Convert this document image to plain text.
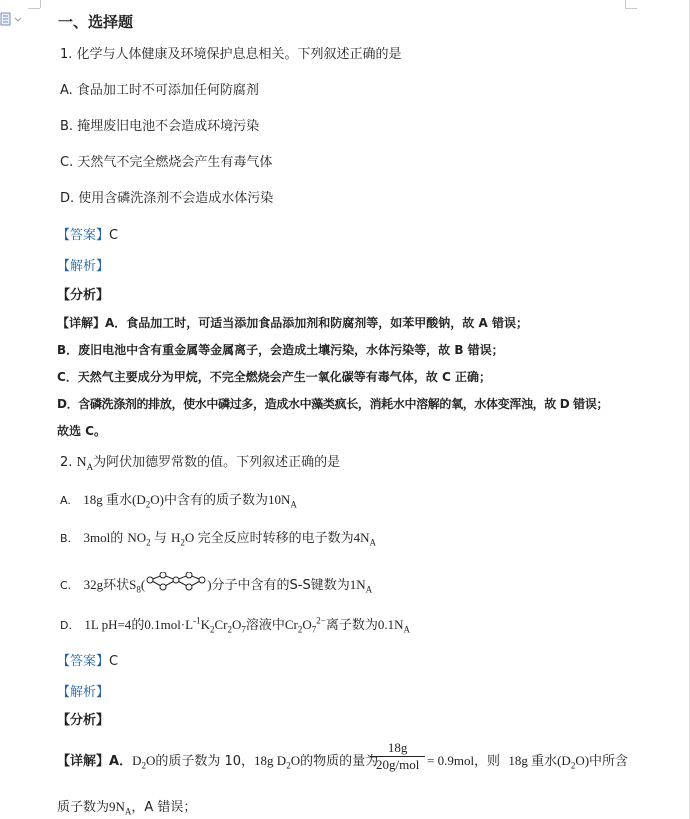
一、选择题
1. 化学与人体健康及环境保护息息相关。下列叙述正确的是
A. 食品加工时不可添加任何防腐剂
B. 掩埋废旧电池不会造成环境污染
C. 天然气不完全燃烧会产生有毒气体
D. 使用含磷洗涤剂不会造成水体污染
【答案】C
【解析】
【分析】
【详解】A．食品加工时，可适当添加食品添加剂和防腐剂等，如苯甲酸钠，故 A 错误；
B．废旧电池中含有重金属等金属离子，会造成土壤污染，水体污染等，故 B 错误；
C．天然气主要成分为甲烷，不完全燃烧会产生一氧化碳等有毒气体，故 C 正确；
D．含磷洗涤剂的排放，使水中磷过多，造成水中藻类疯长，消耗水中溶解的氧，水体变浑浊，故 D 错误；
故选 C。
2. $N_A$为阿伏加德罗常数的值。下列叙述正确的是
A. 18g 重水$(D_2O)$中含有的质子数为$10N_A$
B. 3mol的 $NO_2$ 与 $H_2O$ 完全反应时转移的电子数为$4N_A$
C. 32g环状$S_8$(	)分子中含有的S-S键数为$1N_A$
D. 1L pH=4的$0.1mol\cdot L^{-1}K_2Cr_2O_7$溶液中$Cr_2O_7^{2-}$离子数为$0.1N_A$
【答案】C
【解析】
【分析】
【详解】A．$D_2O$的质子数为 10，18g $D_2O$的物质的量为
18g
20g/mol = 0.9mol，则 18g 重水$(D_2O)$中所含
质子数为$9N_A$，A 错误；
